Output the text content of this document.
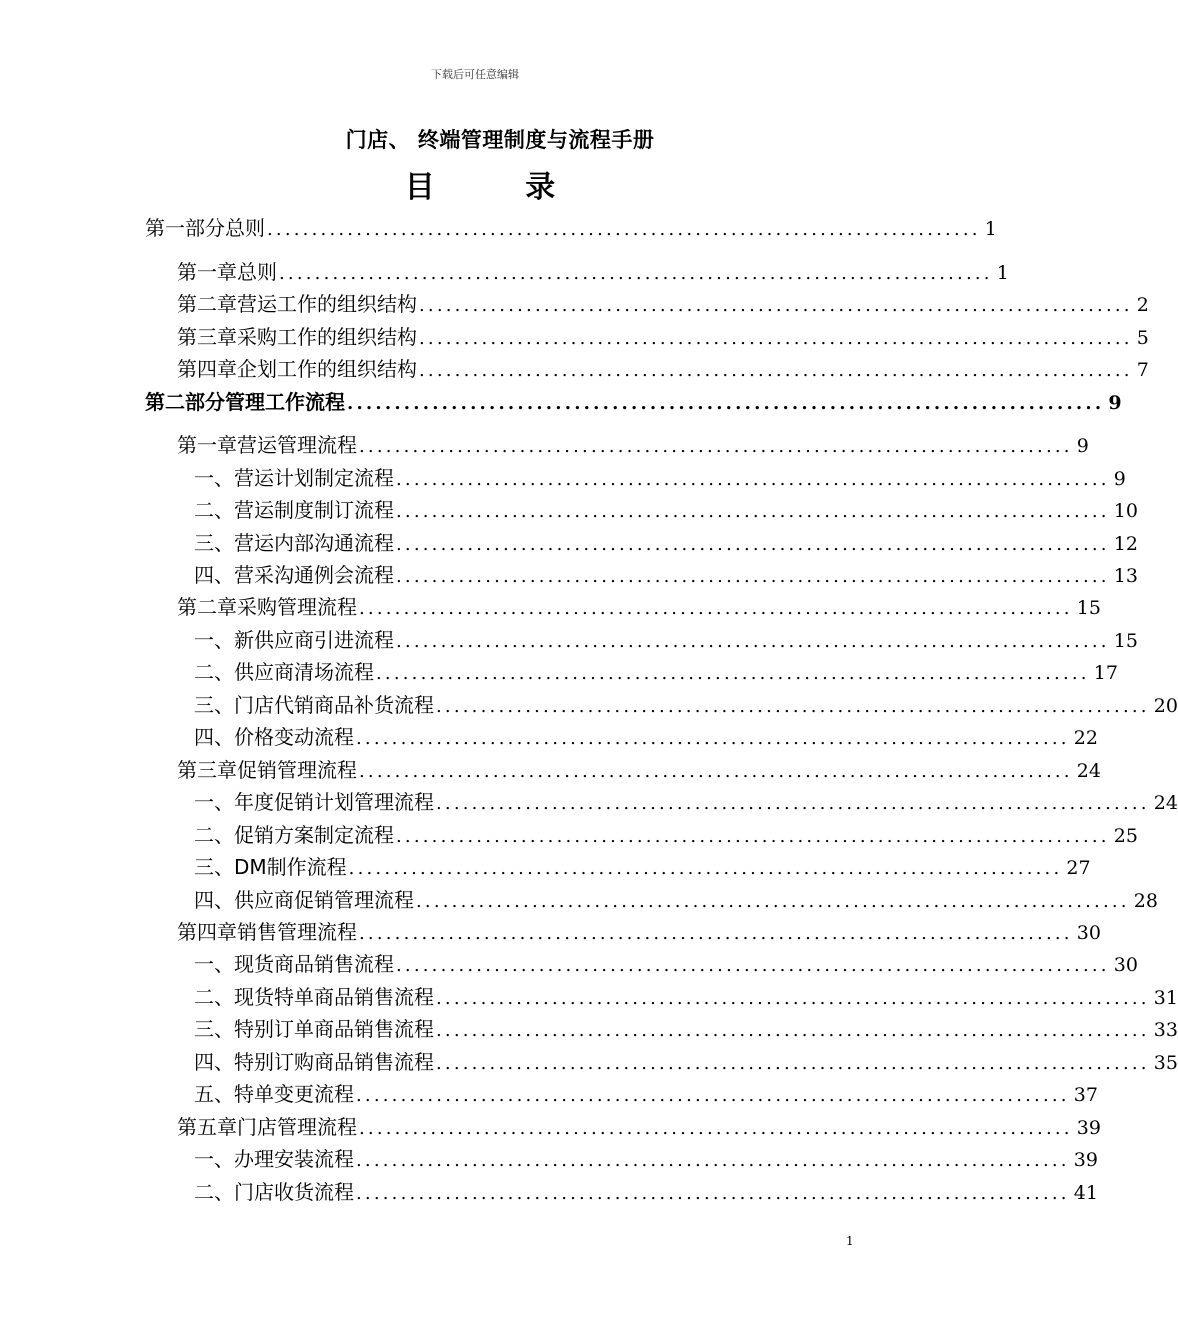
下载后可任意编辑
门店、 终端管理制度与流程手册
目 录
第一部分 总则 ................................................................................ 1
第一章 总则 ................................................................................ 1
第二章 营运工作的组织结构 ................................................................................ 2
第三章 采购工作的组织结构 ................................................................................ 5
第四章 企划工作的组织结构 ................................................................................ 7
第二部分 管理工作流程 ................................................................................ 9
第一章 营运管理流程 ................................................................................ 9
一、 营运计划制定流程 ................................................................................ 9
二、 营运制度制订流程 ................................................................................ 10
三、 营运内部沟通流程 ................................................................................ 12
四、 营采沟通例会流程 ................................................................................ 13
第二章 采购管理流程 ................................................................................ 15
一、 新供应商引进流程 ................................................................................ 15
二、 供应商清场流程 ................................................................................ 17
三、 门店代销商品补货流程 ................................................................................ 20
四、 价格变动流程 ................................................................................ 22
第三章 促销管理流程 ................................................................................ 24
一、 年度促销计划管理流程 ................................................................................ 24
二、 促销方案制定流程 ................................................................................ 25
三、 DM制作流程 ................................................................................ 27
四、 供应商促销管理流程 ................................................................................ 28
第四章 销售管理流程 ................................................................................ 30
一、 现货商品销售流程 ................................................................................ 30
二、 现货特单商品销售流程 ................................................................................ 31
三、 特别订单商品销售流程 ................................................................................ 33
四、 特别订购商品销售流程 ................................................................................ 35
五、 特单变更流程 ................................................................................ 37
第五章 门店管理流程 ................................................................................ 39
一、 办理安装流程 ................................................................................ 39
二、 门店收货流程 ................................................................................ 41
1
